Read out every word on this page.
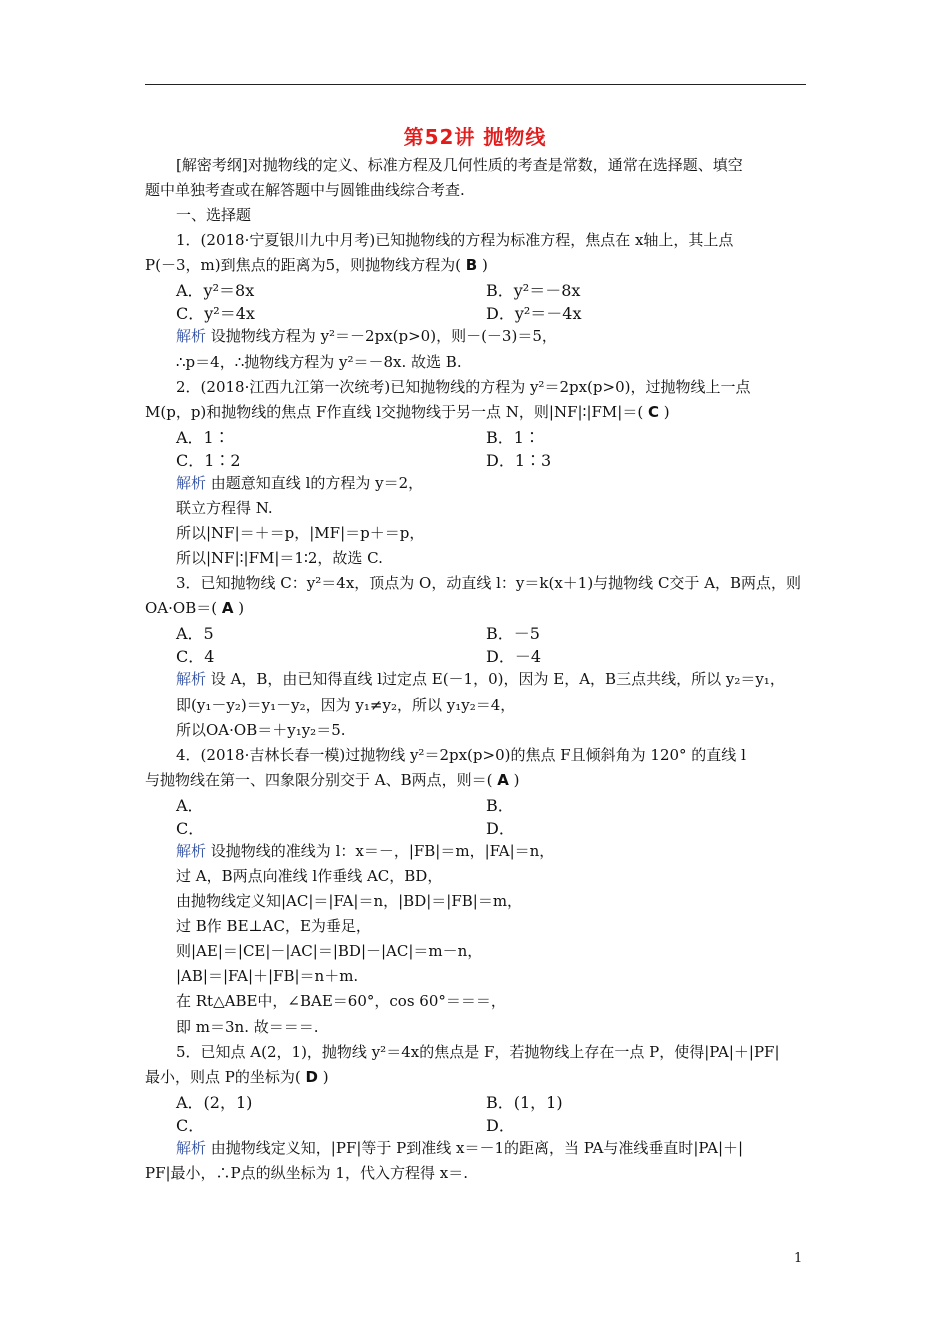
第52讲 抛物线
[解密考纲]对抛物线的定义、标准方程及几何性质的考查是常数，通常在选择题、填空
题中单独考查或在解答题中与圆锥曲线综合考查.
一、选择题
1．(2018·宁夏银川九中月考)已知抛物线的方程为标准方程，焦点在 x轴上，其上点
P(－3，m)到焦点的距离为5，则抛物线方程为( B )
A．y²＝8x	B．y²＝－8x
C．y²＝4x	D．y²＝－4x
解析 设抛物线方程为 y²＝－2px(p>0)，则－(－3)＝5，
∴p＝4，∴抛物线方程为 y²＝－8x. 故选 B.
2．(2018·江西九江第一次统考)已知抛物线的方程为 y²＝2px(p>0)，过抛物线上一点
M(p，p)和抛物线的焦点 F作直线 l交抛物线于另一点 N，则|NF|∶|FM|＝( C )
A．1∶	B．1∶
C．1∶2	D．1∶3
解析 由题意知直线 l的方程为 y＝2，
联立方程得 N.
所以|NF|＝＋＝p，|MF|＝p＋＝p，
所以|NF|∶|FM|＝1∶2，故选 C.
3．已知抛物线 C：y²＝4x，顶点为 O，动直线 l：y＝k(x＋1)与抛物线 C交于 A，B两点，则
OA·OB＝( A )
A．5	B．－5
C．4	D．－4
解析 设 A，B，由已知得直线 l过定点 E(－1，0)，因为 E，A，B三点共线，所以 y₂＝y₁，
即(y₁－y₂)＝y₁－y₂，因为 y₁≠y₂，所以 y₁y₂＝4，
所以OA·OB＝＋y₁y₂＝5.
4．(2018·吉林长春一模)过抛物线 y²＝2px(p>0)的焦点 F且倾斜角为 120° 的直线 l
与抛物线在第一、四象限分别交于 A、B两点，则＝( A )
A．	B．
C．	D．
解析 设抛物线的准线为 l：x＝－，|FB|＝m，|FA|＝n，
过 A，B两点向准线 l作垂线 AC，BD，
由抛物线定义知|AC|＝|FA|＝n，|BD|＝|FB|＝m，
过 B作 BE⊥AC，E为垂足，
则|AE|＝|CE|－|AC|＝|BD|－|AC|＝m－n，
|AB|＝|FA|＋|FB|＝n＋m.
在 Rt△ABE中，∠BAE＝60°，cos 60°＝＝＝，
即 m＝3n. 故＝＝＝.
5．已知点 A(2，1)，抛物线 y²＝4x的焦点是 F，若抛物线上存在一点 P，使得|PA|＋|PF|
最小，则点 P的坐标为( D )
A．(2，1)	B．(1，1)
C．	D．
解析 由抛物线定义知，|PF|等于 P到准线 x＝－1的距离，当 PA与准线垂直时|PA|＋|
PF|最小，∴P点的纵坐标为 1，代入方程得 x＝.
1
